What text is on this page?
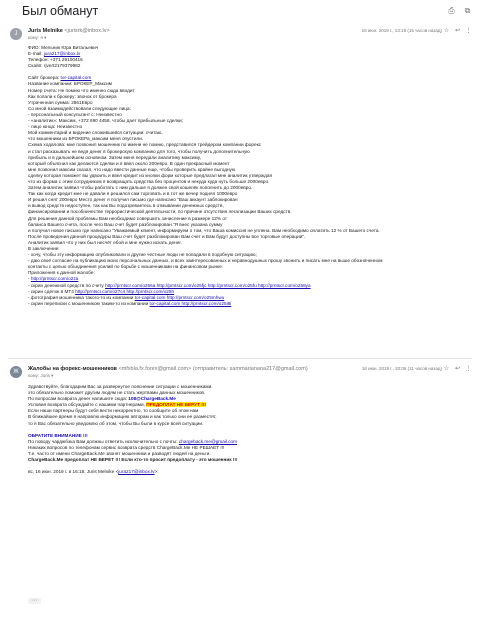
Был обманут	⎙ ⧉
J	Juris Melnike <jurisrk@inbox.lv>
кому: я ▾
16 июн. 2019 г., 13:18 (15 часов назад) ☆ ↩ ⋮

ФИО: Мельник Юра Витальевич

E-mail: jura217@inbox.lv

Телефон: +371 29100416

Скайп: rjvert2179379982

Сайт брокера: tor-capital.com

Название компании: БРОКЕР_Максим

Номер счета: Не помню что именно сюда вводит

Как попали к брокеру: звонок от брокера

Утраченная сумма: 2861Евро

Со мной взаимодействовали следующие лица:

- персональный консультант с: Неизвестно

- «аналитик»: Максим, +372 690 4458, чтобы дает прибыльные сделки;

- лицо юнца: Неизвестно

Мой комментарий и видение сложившейся ситуации: считаю,

что мошенники из БРОКЕРа_максим меня опустили.

Схема ходалова: мне позвонил мошенник по имени не помню, представился трейдером компании форекс

и стал расказывать не ведя денег в брокерскую компанию для того, чтобы получить дополнительную

прибыль и в дальнейшем основном. Затем меня передали аналитику максиму,

который объяснил как делаются сделки и я ввел около 200евро. В один прекрасный момент

мне позвонил максим сказал, что надо ввести данные еще, чтобы проверить крайне выгодную

сделку которая поможет вы удвоить и ввел кредит из кнопки форм которые предлагал мне аналитик утверждая

что из форма с этим сотрудником я возвращать средства без процентов и некуда куда нуть больше 2000евро.

Затем аналитик заявил чтобы работать с ним дальше я должен свой кошелёк пополнить до 2000евро.

Так как когда кредит мне не давали я решился сам торговать и в тот же вечер поднял 1000евро

И решил снят 200евро Место денег я получил письмо где написано "Ваш аккаунт заблокирован

и вывод средств недоступен, так как Вы подозреваетесь в отмывании денежных средств,

финансировании и пособничестве террористической деятельности, по причине отсутствия легализации Ваших средств.

Для решения данной проблемы Вам необходимо совершить зачисление в размере 12% от

баланса Вашего счета, после чего Ваш счет будет разблокирован."Я внес указана сумму

и получил новое письмо где написано "Уважаемый клиент, информируем о том, что Ваша комиссия не уплена. Вам необходимо оплатить 12 % от Вашего счета.

После проведения данной процедуры Ваш счет будет разблокирован Вам счет и Вам будут доступны все торговые операции".

Аналитик заявил что у них был несчёт ебой и мне нужно искать денег.

В заключение:

- хочу, чтобы эту информацию опубликовали и другие честные люди не попадали в подобную ситуацию;

- даю своё согласие на публикацию моих персональных данных, и всех заинтересованных и неравнодушных прошу звонить и писать мне на выше обозначенном

контакты с целью объединения усилий по борьбе с мошенниками на финансовом рынке.

Приложения к данной жалобе:

- http://prntscr.com/o2za

- скрин денежной средств по счету http://prntscr.com/o256a http://prntscr.com/o25fjc http://prntscr.com/o25fu http://prntscr.com/o258ya

- скрин сделок в MT4 http://prntscr.com/o27c4 http://prntscr.com/o25h

- фотография мошенника такого-то из компании tor-capital.com http://prntscr.com/o25mhwu

- скрин переписки с мошенником таким-то из компании tor-capital.com http://prntscr.com/o25i8i

Ж	Жалобы на форекс-мошенников <mfxbla.fx.forex@gmail.com> (отправитель: sammarianana217@gmail.com)
кому: Juris ▾
16 июн. 2019 г., 20:06 (11 часов назад) ☆ ↩ ⋮

Здравствуйте, благодарим Вас за развернутое пояснение ситуации с мошенниками.

это обязательно поможет другим людям не стать жертвами данных мошенников.

По вопросам возврата денег напишите сюда: 108@ChargeBack.Me

Условия возврата обсуждайте с нашими партнерами, ПРЕДОПЛАТ НЕ БЕРУТ !!!

Если наши партнеры будут себя вести некорректно, то сообщите об этом нам

В ближайшее время я направлю информацию авторам и как только они ее разместят,

то я Вас обязательно уведомлю об этом, чтобы Вы были в курсе всей ситуации.

ОБРАТИТЕ ВНИМАНИЕ !!!

По поводу чарджбэка Вам должны ответить исключительно с почты: chargeback.me@gmail.com

Никаких вопросов по телефонам сервис возврата средств ChargeBack.Me НЕ РЕШАЕТ !!!

Т.е. часто от имени ChargeBack.Me звонят мошенники и разводят людей на деньги.

ChargeBack.Me предоплат НЕ БЕРЕТ !!! Если кто-то просит предоплату - это мошенник !!!

вс, 16 июн. 2019 г. в 16:18, Juris Melnike <jura217@inbox.lv>:

···
